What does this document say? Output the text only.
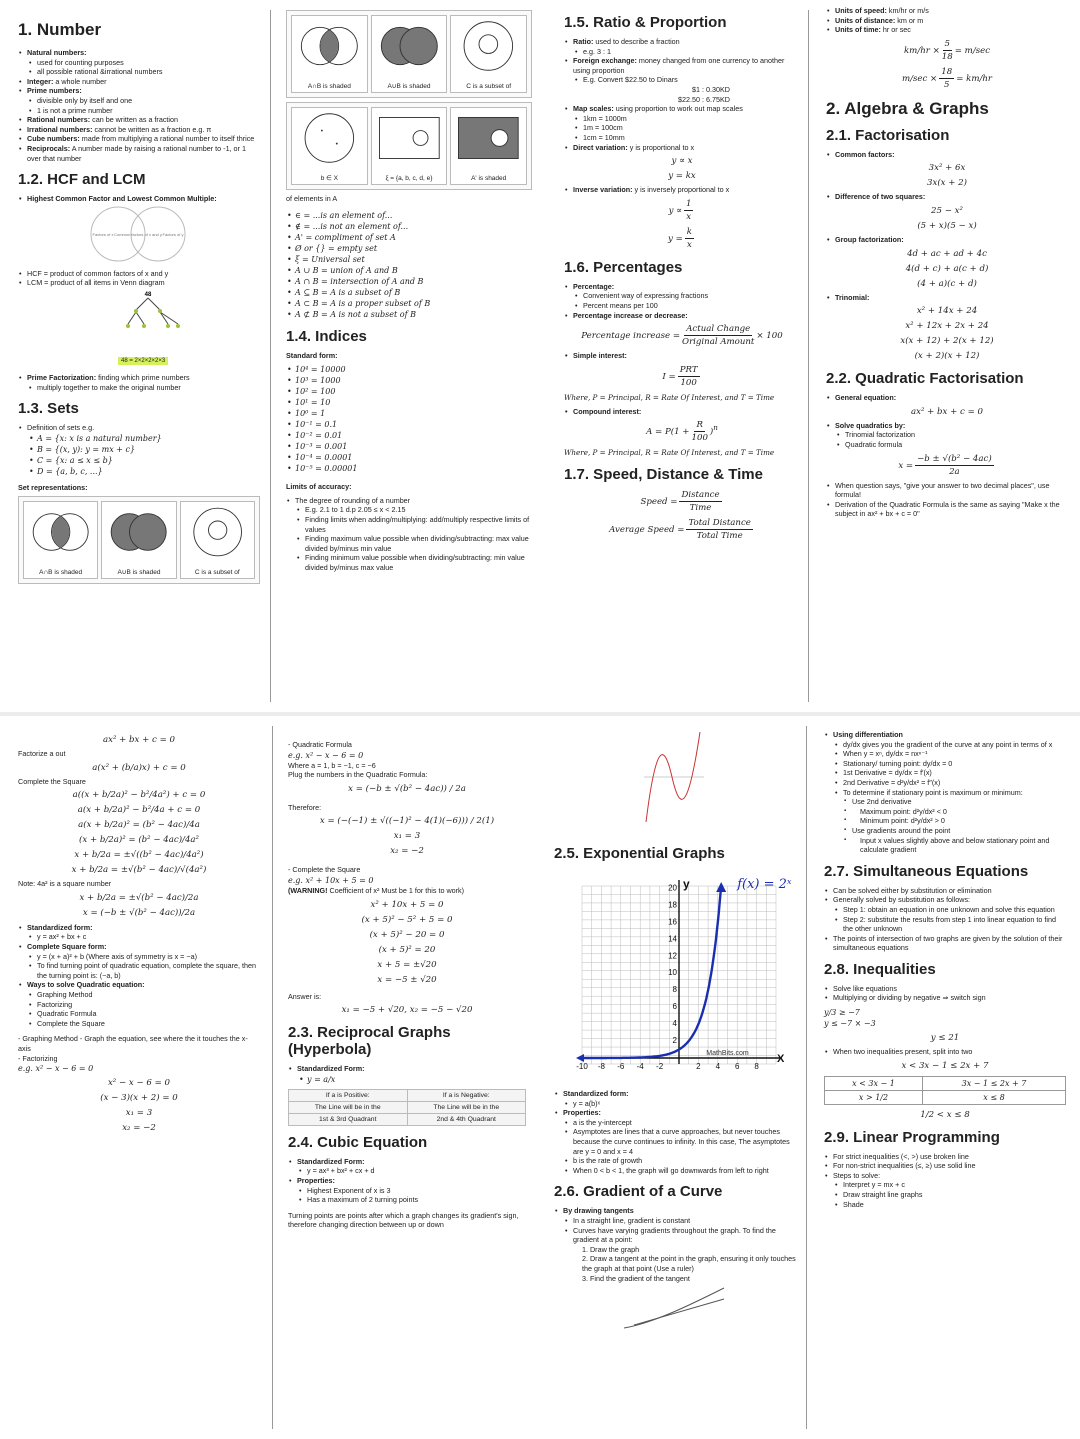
1. Number
• Natural numbers:
• used for counting purposes
• all possible rational &irrational numbers
• Integer: a whole number
• Prime numbers:
• divisible only by itself and one
• 1 is not a prime number
• Rational numbers: can be written as a fraction
• Irrational numbers: cannot be written as a fraction e.g. π
• Cube numbers: made from multiplying a rational number to itself thrice
• Reciprocals: A number made by raising a rational number to -1, or 1 over that number
1.2. HCF and LCM
• Highest Common Factor and Lowest Common Multiple:
Factors of x Common factors of x and y Factors of y
• HCF = product of common factors of x and y
• LCM = product of all items in Venn diagram
48
48 = 2×2×2×2×3
• Prime Factorization: finding which prime numbers
• multiply together to make the original number
1.3. Sets
• Definition of sets e.g.
• A = {x: x is a natural number}
• B = {(x, y): y = mx + c}
• C = {x: a ≤ x ≤ b}
• D = {a, b, c, ...}
Set representations:
A∩B is shaded	A∪B is shaded	C is a subset of
A∩B is shaded	A∪B is shaded	C is a subset of
b ∈ X	ξ = {a, b, c, d, e}	A' is shaded
of elements in A
• ∈ = ...is an element of...
• ∉ = ...is not an element of...
• A' = compliment of set A
• Ø or {} = empty set
• ξ = Universal set
• A ∪ B = union of A and B
• A ∩ B = intersection of A and B
• A ⊆ B = A is a subset of B
• A ⊂ B = A is a proper subset of B
• A ⊄ B = A is not a subset of B
1.4. Indices
Standard form:
• 10⁴ = 10000
• 10³ = 1000
• 10² = 100
• 10¹ = 10
• 10⁰ = 1
• 10⁻¹ = 0.1
• 10⁻² = 0.01
• 10⁻³ = 0.001
• 10⁻⁴ = 0.0001
• 10⁻⁵ = 0.00001
Limits of accuracy:
• The degree of rounding of a number
• E.g. 2.1 to 1 d.p 2.05 ≤ x < 2.15
• Finding limits when adding/multiplying: add/multiply respective limits of values
• Finding maximum value possible when dividing/subtracting: max value divided by/minus min value
• Finding minimum value possible when dividing/subtracting: min value divided by/minus max value
1.5. Ratio & Proportion
• Ratio: used to describe a fraction
• e.g. 3 : 1
• Foreign exchange: money changed from one currency to another using proportion
• E.g. Convert $22.50 to Dinars
$1 : 0.30KD
$22.50 : 6.75KD
• Map scales: using proportion to work out map scales
• 1km = 1000m
• 1m = 100cm
• 1cm = 10mm
• Direct variation: y is proportional to x
y ∝ x
y = kx
• Inverse variation: y is inversely proportional to x
$y \propto \frac{1}{x}$
$y = \frac{k}{x}$
1.6. Percentages
• Percentage:
• Convenient way of expressing fractions
• Percent means per 100
• Percentage increase or decrease:
Percentage increase = $\frac{\text{Actual Change}}{\text{Original Amount}} \times 100$
• Simple interest:
$I = \frac{\text{PRT}}{100}$
Where, P = Principal, R = Rate Of Interest, and T = Time
• Compound interest:
$A = P(1 + \frac{R}{100} )^n$
Where, P = Principal, R = Rate Of Interest, and T = Time
1.7. Speed, Distance & Time
Speed = $\frac{\text{Distance}}{\text{Time}}$
Average Speed = $\frac{\text{Total Distance}}{\text{Total Time}}$
• Units of speed: km/hr or m/s
• Units of distance: km or m
• Units of time: hr or sec
$km/hr \times \frac{5}{18} = m/\sec$
$m/\sec \times \frac{18}{5} = km/hr$
2. Algebra & Graphs
2.1. Factorisation
• Common factors:
3x² + 6x
3x(x + 2)
• Difference of two squares:
25 − x²
(5 + x)(5 − x)
• Group factorization:
4d + ac + ad + 4c
4(d + c) + a(c + d)
(4 + a)(c + d)
• Trinomial:
x² + 14x + 24
x² + 12x + 2x + 24
x(x + 12) + 2(x + 12)
(x + 2)(x + 12)
2.2. Quadratic Factorisation
• General equation:
ax² + bx + c = 0
• Solve quadratics by:
• Trinomial factorization
• Quadratic formula
$x = \frac{\text{−b ± √(b² − 4ac)}}{2a}$
• When question says, "give your answer to two decimal places", use formula!
• Derivation of the Quadratic Formula is the same as saying "Make x the subject in ax² + bx + c = 0"
ax² + bx + c = 0
Factorize a out
a(x² + (b/a)x) + c = 0
Complete the Square
a((x + b/2a)² − b²/4a²) + c = 0
a(x + b/2a)² − b²/4a + c = 0
a(x + b/2a)² = (b² − 4ac)/4a
(x + b/2a)² = (b² − 4ac)/4a²
x + b/2a = ±√((b² − 4ac)/4a²)
x + b/2a = ±√(b² − 4ac)/√(4a²)
Note: 4a² is a square number
x + b/2a = ±√(b² − 4ac)/2a
x = (−b ± √(b² − 4ac))/2a
• Standardized form:
• y = ax² + bx + c
• Complete Square form:
• y = (x + a)² + b (Where axis of symmetry is x = −a)
• To find turning point of quadratic equation, complete the square, then the turning point is: (−a, b)
• Ways to solve Quadratic equation:
• Graphing Method
• Factorizing
• Quadratic Formula
• Complete the Square
- Graphing Method - Graph the equation, see where the it touches the x-axis
- Factorizing
e.g. x² − x − 6 = 0
x² − x − 6 = 0
(x − 3)(x + 2) = 0
x₁ = 3
x₂ = −2
- Quadratic Formula
e.g. x² − x − 6 = 0
Where a = 1, b = −1, c = −6
Plug the numbers in the Quadratic Formula:
x = (−b ± √(b² − 4ac)) / 2a
Therefore:
x = (−(−1) ± √((−1)² − 4(1)(−6))) / 2(1)
x₁ = 3
x₂ = −2
- Complete the Square
e.g. x² + 10x + 5 = 0
(WARNING! Coefficient of x² Must be 1 for this to work)
x² + 10x + 5 = 0
(x + 5)² − 5² + 5 = 0
(x + 5)² − 20 = 0
(x + 5)² = 20
x + 5 = ±√20
x = −5 ± √20
Answer is:
x₁ = −5 + √20, x₂ = −5 − √20
2.3. Reciprocal Graphs (Hyperbola)
• Standardized Form:
• y = a/x
If a is Positive:	If a is Negative:
The Line will be in the	The Line will be in the
1st & 3rd Quadrant	2nd & 4th Quadrant
2.4. Cubic Equation
• Standardized Form:
• y = ax³ + bx² + cx + d
• Properties:
• Highest Exponent of x is 3
• Has a maximum of 2 turning points
Turning points are points after which a graph changes its gradient's sign, therefore changing direction between up or down
2.5. Exponential Graphs
20
18
16
14
12
10
8
6
4
2
-10 -8 -6 -4 -2	2 4 6 8
f(x) = 2ˣ
y
X
MathBits.com
• Standardized form:
• y = a(b)ˣ
• Properties:
• a is the y-intercept
• Asymptotes are lines that a curve approaches, but never touches because the curve continues to infinity. In this case, The asymptotes are y = 0 and x = 4
• b is the rate of growth
• When 0 < b < 1, the graph will go downwards from left to right
2.6. Gradient of a Curve
• By drawing tangents
• In a straight line, gradient is constant
• Curves have varying gradients throughout the graph. To find the gradient at a point:
1. Draw the graph
2. Draw a tangent at the point in the graph, ensuring it only touches the graph at that point (Use a ruler)
3. Find the gradient of the tangent
• Using differentiation
• dy/dx gives you the gradient of the curve at any point in terms of x
• When y = xⁿ, dy/dx = nxⁿ⁻¹
• Stationary/ turning point: dy/dx = 0
• 1st Derivative = dy/dx = f′(x)
• 2nd Derivative = d²y/dx² = f″(x)
• To determine if stationary point is maximum or minimum:
▪ Use 2nd derivative
▪ Maximum point: d²y/dx² < 0
▪ Minimum point: d²y/dx² > 0
▪ Use gradients around the point
▪ Input x values slightly above and below stationary point and calculate gradient
2.7. Simultaneous Equations
• Can be solved either by substitution or elimination
• Generally solved by substitution as follows:
• Step 1: obtain an equation in one unknown and solve this equation
• Step 2: substitute the results from step 1 into linear equation to find the other unknown
• The points of intersection of two graphs are given by the solution of their simultaneous equations
2.8. Inequalities
• Solve like equations
• Multiplying or dividing by negative ⇒ switch sign
y/3 ≥ −7
y ≤ −7 × −3
y ≤ 21
• When two inequalities present, split into two
x < 3x − 1 ≤ 2x + 7
x < 3x − 1	3x − 1 ≤ 2x + 7
x > 1/2	x ≤ 8
1/2 < x ≤ 8
2.9. Linear Programming
• For strict inequalities (<, >) use broken line
• For non-strict inequalities (≤, ≥) use solid line
• Steps to solve:
• Interpret y = mx + c
• Draw straight line graphs
• Shade
